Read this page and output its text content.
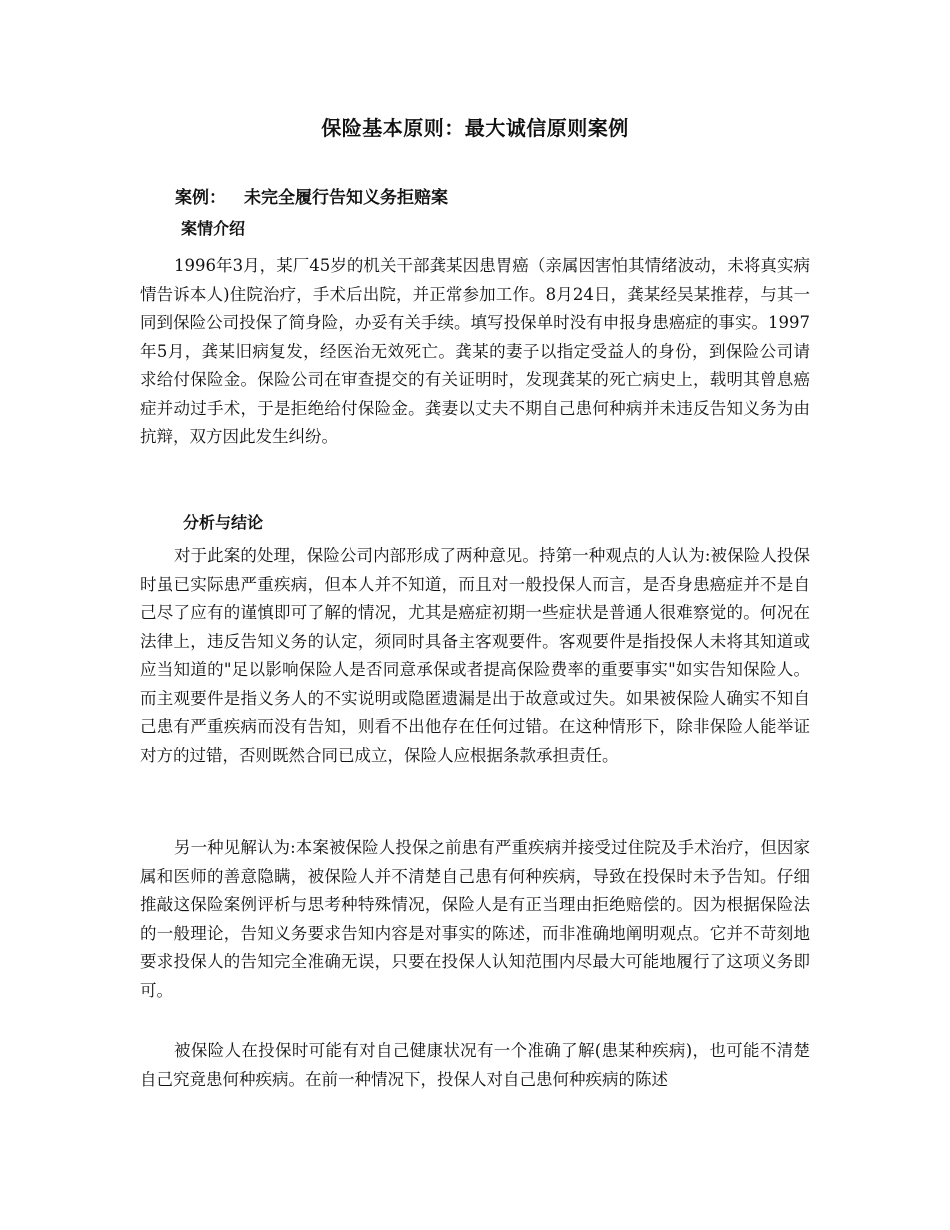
保险基本原则：最大诚信原则案例
案例： 未完全履行告知义务拒赔案
案情介绍

1996年3月，某厂45岁的机关干部龚某因患胃癌（亲属因害怕其情绪波动，未将真实病情告诉本人)住院治疗，手术后出院，并正常参加工作。8月24日，龚某经吴某推荐，与其一同到保险公司投保了简身险，办妥有关手续。填写投保单时没有申报身患癌症的事实。1997年5月，龚某旧病复发，经医治无效死亡。龚某的妻子以指定受益人的身份，到保险公司请求给付保险金。保险公司在审查提交的有关证明时，发现龚某的死亡病史上，载明其曾息癌症并动过手术，于是拒绝给付保险金。龚妻以丈夫不期自己患何种病并未违反告知义务为由抗辩，双方因此发生纠纷。

分析与结论

对于此案的处理，保险公司内部形成了两种意见。持第一种观点的人认为:被保险人投保时虽已实际患严重疾病，但本人并不知道，而且对一般投保人而言，是否身患癌症并不是自己尽了应有的谨慎即可了解的情况，尤其是癌症初期一些症状是普通人很难察觉的。何况在法律上，违反告知义务的认定，须同时具备主客观要件。客观要件是指投保人未将其知道或应当知道的"足以影响保险人是否同意承保或者提高保险费率的重要事实"如实告知保险人。而主观要件是指义务人的不实说明或隐匿遗漏是出于故意或过失。如果被保险人确实不知自己患有严重疾病而没有告知，则看不出他存在任何过错。在这种情形下，除非保险人能举证对方的过错，否则既然合同已成立，保险人应根据条款承担责任。

另一种见解认为:本案被保险人投保之前患有严重疾病并接受过住院及手术治疗，但因家属和医师的善意隐瞒，被保险人并不清楚自己患有何种疾病，导致在投保时未予告知。仔细推敲这保险案例评析与思考种特殊情况，保险人是有正当理由拒绝赔偿的。因为根据保险法的一般理论，告知义务要求告知内容是对事实的陈述，而非准确地阐明观点。它并不苛刻地要求投保人的告知完全准确无误，只要在投保人认知范围内尽最大可能地履行了这项义务即可。

被保险人在投保时可能有对自己健康状况有一个准确了解(患某种疾病)，也可能不清楚自己究竟患何种疾病。在前一种情况下，投保人对自己患何种疾病的陈述
